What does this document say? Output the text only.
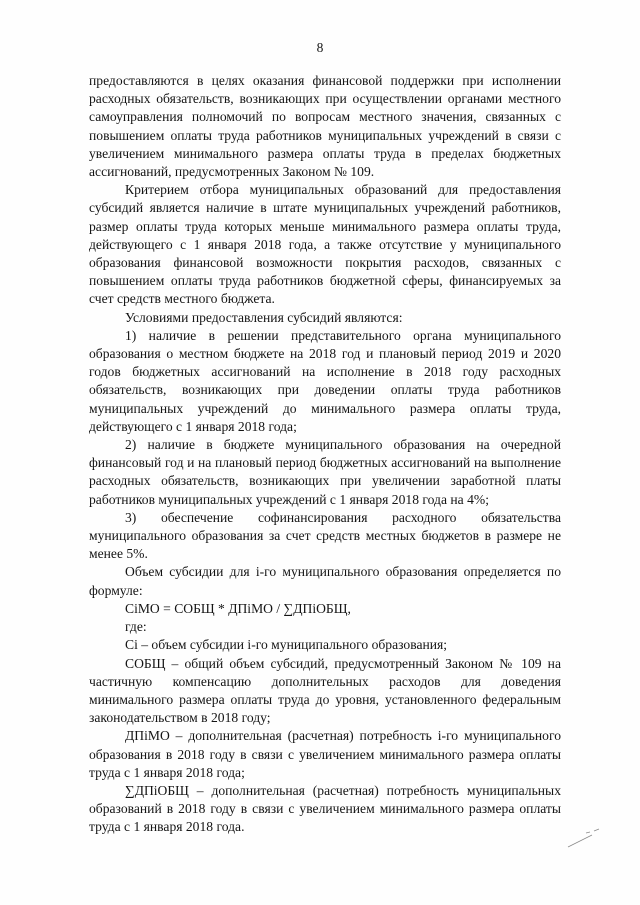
8

предоставляются в целях оказания финансовой поддержки при исполнении расходных обязательств, возникающих при осуществлении органами местного самоуправления полномочий по вопросам местного значения, связанных с повышением оплаты труда работников муниципальных учреждений в связи с увеличением минимального размера оплаты труда в пределах бюджетных ассигнований, предусмотренных Законом № 109.

Критерием отбора муниципальных образований для предоставления субсидий является наличие в штате муниципальных учреждений работников, размер оплаты труда которых меньше минимального размера оплаты труда, действующего с 1 января 2018 года, а также отсутствие у муниципального образования финансовой возможности покрытия расходов, связанных с повышением оплаты труда работников бюджетной сферы, финансируемых за счет средств местного бюджета.

Условиями предоставления субсидий являются:

1) наличие в решении представительного органа муниципального образования о местном бюджете на 2018 год и плановый период 2019 и 2020 годов бюджетных ассигнований на исполнение в 2018 году расходных обязательств, возникающих при доведении оплаты труда работников муниципальных учреждений до минимального размера оплаты труда, действующего с 1 января 2018 года;

2) наличие в бюджете муниципального образования на очередной финансовый год и на плановый период бюджетных ассигнований на выполнение расходных обязательств, возникающих при увеличении заработной платы работников муниципальных учреждений с 1 января 2018 года на 4%;

3) обеспечение софинансирования расходного обязательства муниципального образования за счет средств местных бюджетов в размере не менее 5%.

Объем субсидии для i-го муниципального образования определяется по формуле:

СiМО = СОБЩ * ДПiМО / ∑ДПiОБЩ,

где:

Сi – объем субсидии i-го муниципального образования;

СОБЩ – общий объем субсидий, предусмотренный Законом № 109 на частичную компенсацию дополнительных расходов для доведения минимального размера оплаты труда до уровня, установленного федеральным законодательством в 2018 году;

ДПiМО – дополнительная (расчетная) потребность i-го муниципального образования в 2018 году в связи с увеличением минимального размера оплаты труда с 1 января 2018 года;

∑ДПiОБЩ – дополнительная (расчетная) потребность муниципальных образований в 2018 году в связи с увеличением минимального размера оплаты труда с 1 января 2018 года.
